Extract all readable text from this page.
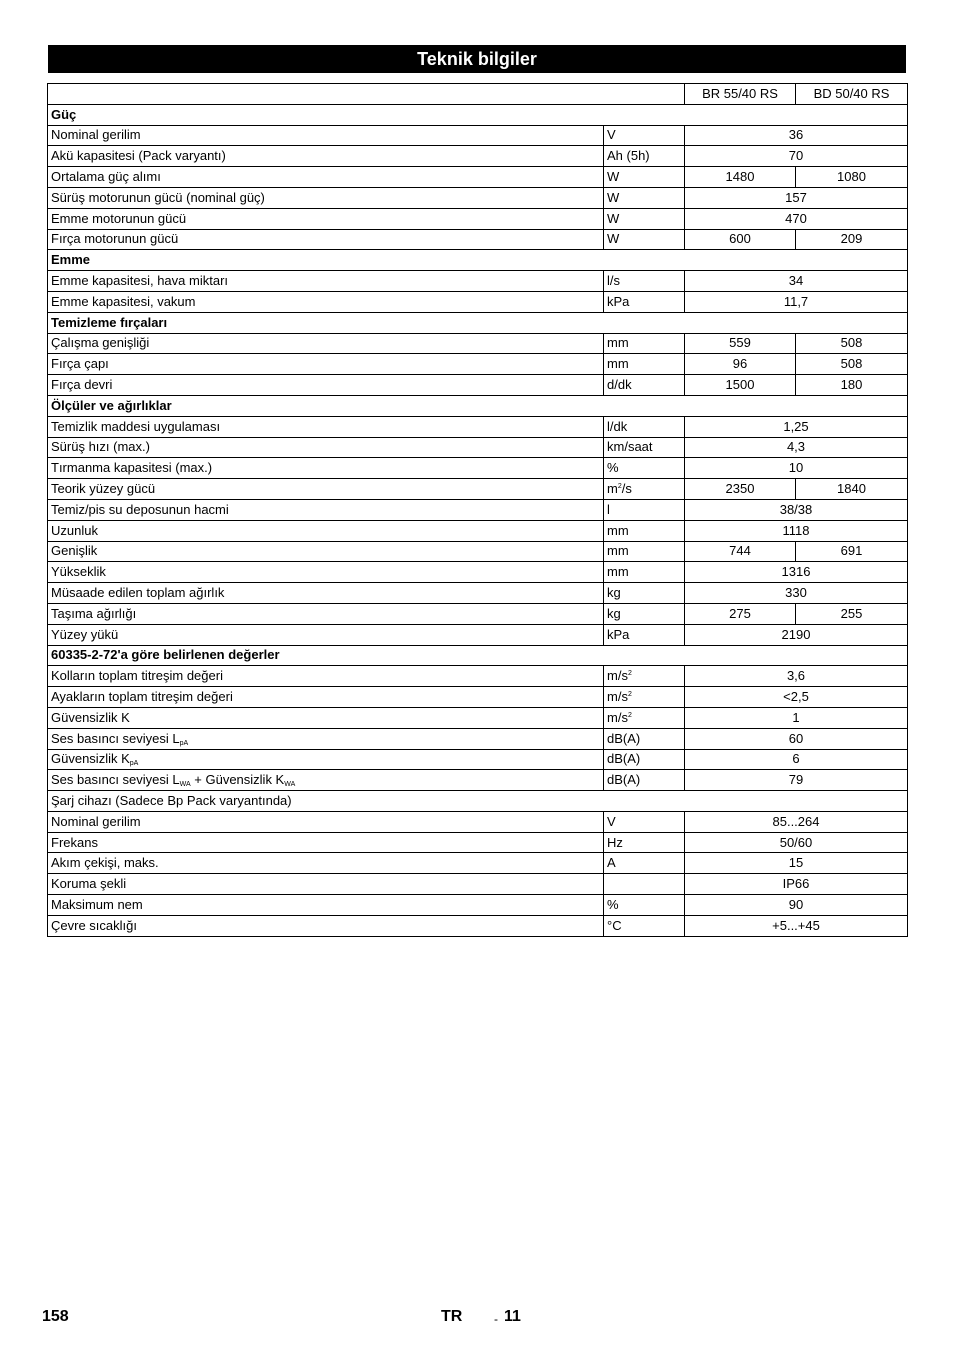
Teknik bilgiler
		BR 55/40 RS	BD 50/40 RS
Güç			
Nominal gerilim	V	36	
Akü kapasitesi (Pack varyantı)	Ah (5h)	70	
Ortalama güç alımı	W	1480	1080
Sürüş motorunun gücü (nominal güç)	W	157	
Emme motorunun gücü	W	470	
Fırça motorunun gücü	W	600	209
Emme			
Emme kapasitesi, hava miktarı	l/s	34	
Emme kapasitesi, vakum	kPa	11,7	
Temizleme fırçaları			
Çalışma genişliği	mm	559	508
Fırça çapı	mm	96	508
Fırça devri	d/dk	1500	180
Ölçüler ve ağırlıklar			
Temizlik maddesi uygulaması	l/dk	1,25	
Sürüş hızı (max.)	km/saat	4,3	
Tırmanma kapasitesi (max.)	%	10	
Teorik yüzey gücü	$m^2/s$	2350	1840
Temiz/pis su deposunun hacmi	l	38/38	
Uzunluk	mm	1118	
Genişlik	mm	744	691
Yükseklik	mm	1316	
Müsaade edilen toplam ağırlık	kg	330	
Taşıma ağırlığı	kg	275	255
Yüzey yükü	kPa	2190	
60335-2-72'a göre belirlenen değerler			
Kolların toplam titreşim değeri	$m/s^2$	3,6	
Ayakların toplam titreşim değeri	$m/s^2$	<2,5	
Güvensizlik K	$m/s^2$	1	
Ses basıncı seviyesi $L_{pA}$	dB(A)	60	
Güvensizlik $K_{pA}$	dB(A)	6	
Ses basıncı seviyesi $L_{WA}$ + Güvensizlik $K_{WA}$	dB(A)	79	
Şarj cihazı (Sadece Bp Pack varyantında)			
Nominal gerilim	V	85...264	
Frekans	Hz	50/60	
Akım çekişi, maks.	A	15	
Koruma şekli		IP66	
Maksimum nem	%	90	
Çevre sıcaklığı	°C	+5...+45	
158	TR	- 11
